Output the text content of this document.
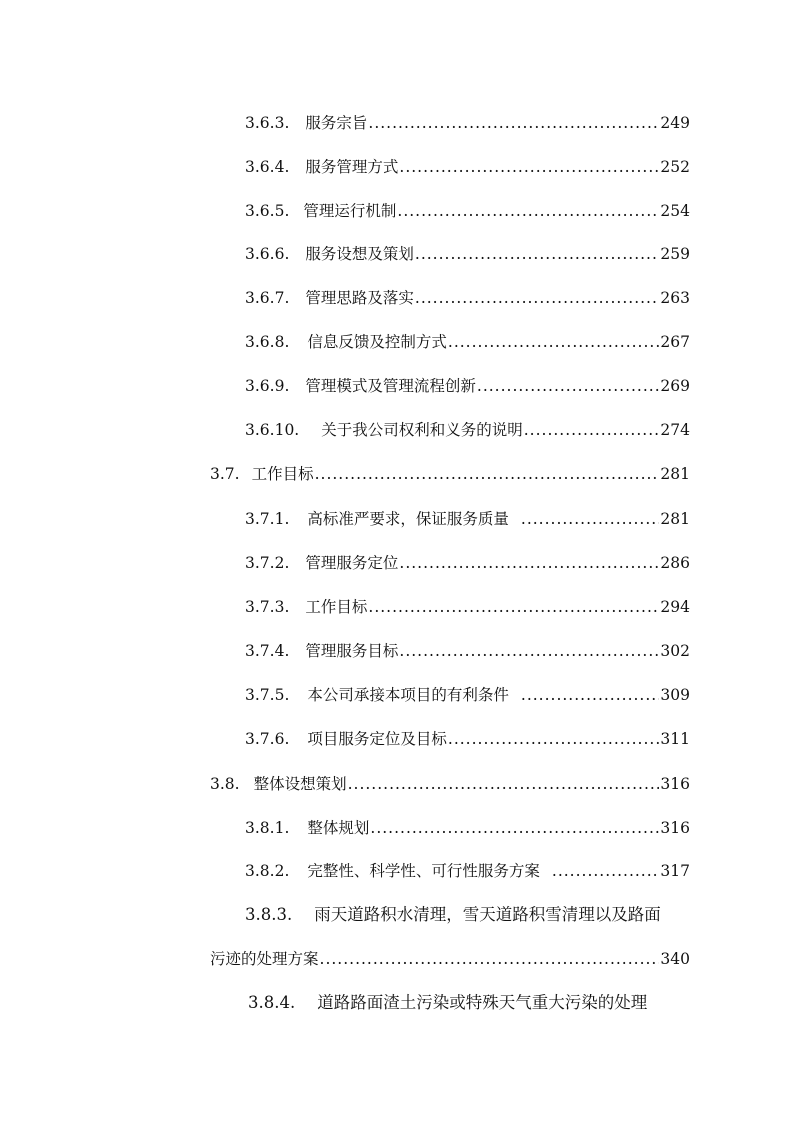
3.6.3. 服务宗旨 .....	249
3.6.4. 服务管理方式 .....	252
3.6.5. 管理运行机制 .....	254
3.6.6. 服务设想及策划 .....	259
3.6.7. 管理思路及落实 .....	263
3.6.8. 信息反馈及控制方式 .....	267
3.6.9. 管理模式及管理流程创新 .....	269
3.6.10. 关于我公司权利和义务的说明 .....	274
3.7. 工作目标 .....	281
3.7.1. 高标准严要求，保证服务质量 .....	281
3.7.2. 管理服务定位 .....	286
3.7.3. 工作目标 .....	294
3.7.4. 管理服务目标 .....	302
3.7.5. 本公司承接本项目的有利条件 .....	309
3.7.6. 项目服务定位及目标 .....	311
3.8. 整体设想策划 .....	316
3.8.1. 整体规划 .....	316
3.8.2. 完整性、科学性、可行性服务方案 .....	317
3.8.3. 雨天道路积水清理，雪天道路积雪清理以及路面
污迹的处理方案 .....	340
3.8.4. 道路路面渣土污染或特殊天气重大污染的处理
